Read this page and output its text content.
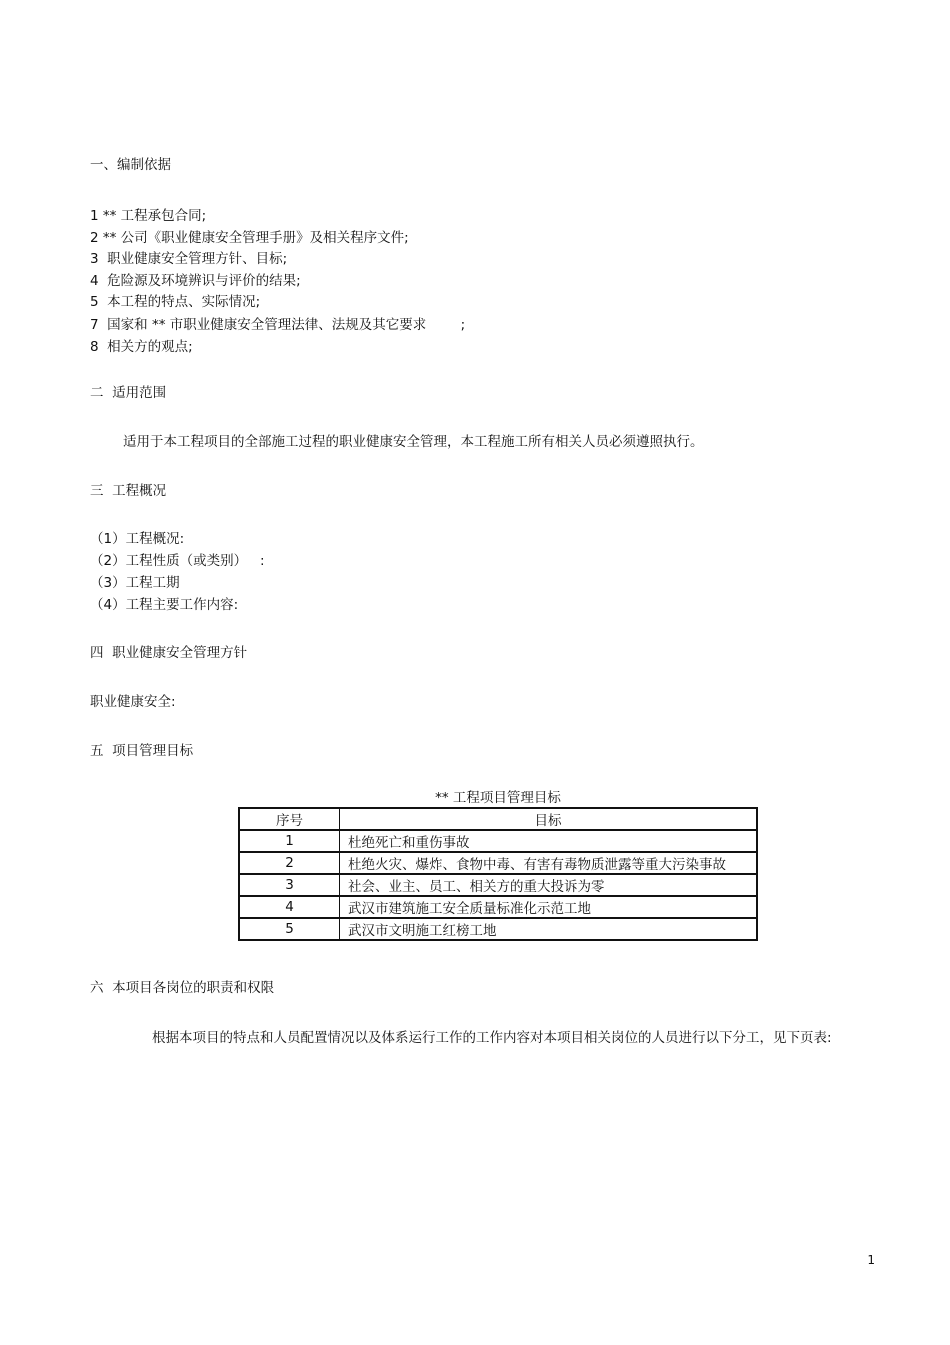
一、编制依据
1 ** 工程承包合同;
2 ** 公司《职业健康安全管理手册》及相关程序文件;
3  职业健康安全管理方针、目标;
4  危险源及环境辨识与评价的结果;
5  本工程的特点、实际情况;
7  国家和 ** 市职业健康安全管理法律、法规及其它要求        ;
8  相关方的观点;
二  适用范围
适用于本工程项目的全部施工过程的职业健康安全管理，本工程施工所有相关人员必须遵照执行。
三  工程概况
（1）工程概况:
（2）工程性质（或类别）   :
（3）工程工期
（4）工程主要工作内容:
四  职业健康安全管理方针
职业健康安全:
五  项目管理目标
** 工程项目管理目标
序号	目标
1	杜绝死亡和重伤事故
2	杜绝火灾、爆炸、食物中毒、有害有毒物质泄露等重大污染事故
3	社会、业主、员工、相关方的重大投诉为零
4	武汉市建筑施工安全质量标准化示范工地
5	武汉市文明施工红榜工地
六  本项目各岗位的职责和权限
根据本项目的特点和人员配置情况以及体系运行工作的工作内容对本项目相关岗位的人员进行以下分工，见下页表:
1
